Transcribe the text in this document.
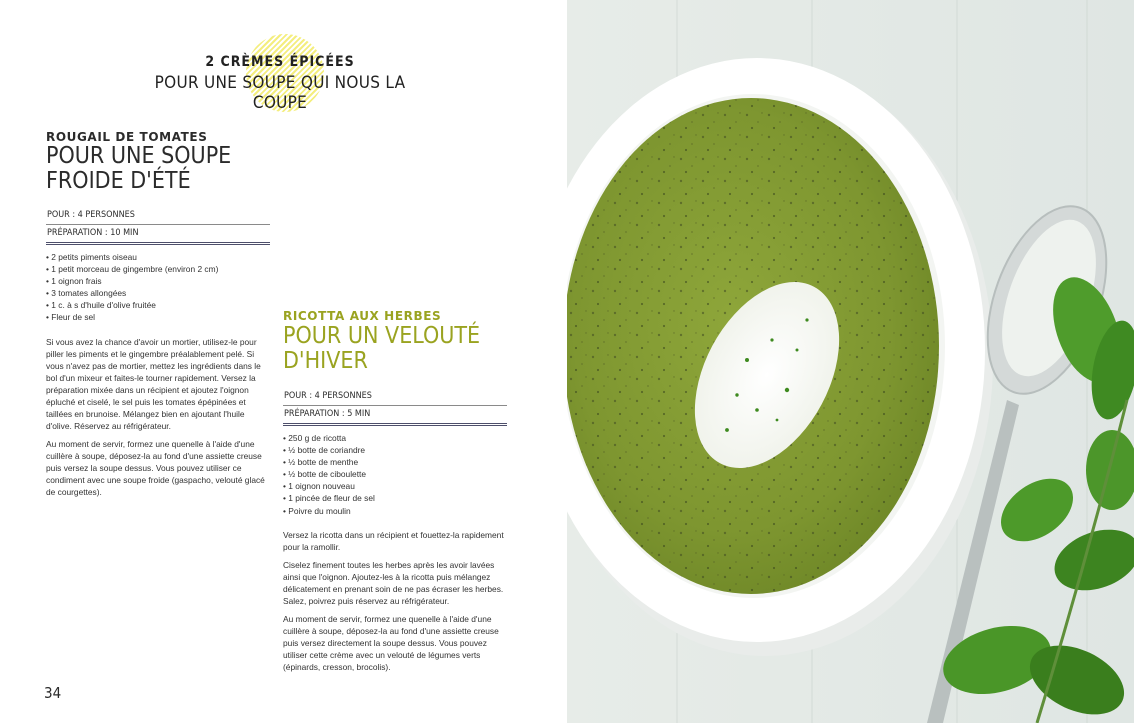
2 CRÈMES ÉPICÉES
POUR UNE SOUPE QUI NOUS LA COUPE
ROUGAIL DE TOMATES
POUR UNE SOUPE
FROIDE D'ÉTÉ
POUR : 4 PERSONNES
PRÉPARATION : 10 MIN
• 2 petits piments oiseau
• 1 petit morceau de gingembre (environ 2 cm)
• 1 oignon frais
• 3 tomates allongées
• 1 c. à s d'huile d'olive fruitée
• Fleur de sel

Si vous avez la chance d'avoir un mortier, utilisez-le pour piller les piments et le gingembre préalablement pelé. Si vous n'avez pas de mortier, mettez les ingrédients dans le bol d'un mixeur et faites-le tourner rapidement. Versez la préparation mixée dans un récipient et ajoutez l'oignon épluché et ciselé, le sel puis les tomates épépinées et taillées en brunoise. Mélangez bien en ajoutant l'huile d'olive. Réservez au réfrigérateur.

Au moment de servir, formez une quenelle à l'aide d'une cuillère à soupe, déposez-la au fond d'une assiette creuse puis versez la soupe dessus. Vous pouvez utiliser ce condiment avec une soupe froide (gaspacho, velouté glacé de courgettes).

RICOTTA AUX HERBES
POUR UN VELOUTÉ D'HIVER
POUR : 4 PERSONNES
PRÉPARATION : 5 MIN
• 250 g de ricotta
• ½ botte de coriandre
• ½ botte de menthe
• ½ botte de ciboulette
• 1 oignon nouveau
• 1 pincée de fleur de sel
• Poivre du moulin

Versez la ricotta dans un récipient et fouettez-la rapidement pour la ramollir.

Ciselez finement toutes les herbes après les avoir lavées ainsi que l'oignon. Ajoutez-les à la ricotta puis mélangez délicatement en prenant soin de ne pas écraser les herbes. Salez, poivrez puis réservez au réfrigérateur.

Au moment de servir, formez une quenelle à l'aide d'une cuillère à soupe, déposez-la au fond d'une assiette creuse puis versez directement la soupe dessus. Vous pouvez utiliser cette crème avec un velouté de légumes verts (épinards, cresson, brocolis).

34
